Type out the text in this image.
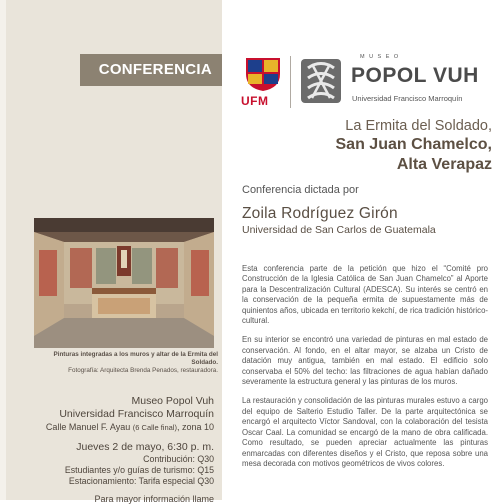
CONFERENCIA
La Ermita del Soldado,
San Juan Chamelco,
Alta Verapaz
Pinturas integradas a los muros y altar de la Ermita del Soldado.
Fotografía: Arquitecta Brenda Penados, restauradora.
Museo Popol Vuh
Universidad Francisco Marroquín
Calle Manuel F. Ayau (6 Calle final), zona 10
Jueves 2 de mayo, 6:30 p. m.
Contribución: Q30
Estudiantes y/o guías de turismo: Q15
Estacionamiento: Tarifa especial Q30
Para mayor información llame
UFM
MUSEO
POPOL VUH
Universidad Francisco Marroquín
Conferencia dictada por
Zoila Rodríguez Girón
Universidad de San Carlos de Guatemala

Esta conferencia parte de la petición que hizo el “Comité pro Construcción de la Iglesia Católica de San Juan Chamelco” al Aporte para la Descentralización Cultural (ADESCA). Su interés se centró en la conservación de la pequeña ermita de supuestamente más de quinientos años, ubicada en territorio kekchí, de rica tradición histórico-cultural.

En su interior se encontró una variedad de pinturas en mal estado de conservación. Al fondo, en el altar mayor, se alzaba un Cristo de datación muy antigua, también en mal estado. El edificio solo conservaba el 50% del techo: las filtraciones de agua habían dañado severamente la estructura general y las pinturas de los muros.

La restauración y consolidación de las pinturas murales estuvo a cargo del equipo de Salterio Estudio Taller. De la parte arquitectónica se encargó el arquitecto Víctor Sandoval, con la colaboración del tesista Oscar Caal. La comunidad se encargó de la mano de obra calificada. Como resultado, se pueden apreciar actualmente las pinturas enmarcadas con diferentes diseños y el Cristo, que reposa sobre una mesa decorada con motivos geométricos de vivos colores.
